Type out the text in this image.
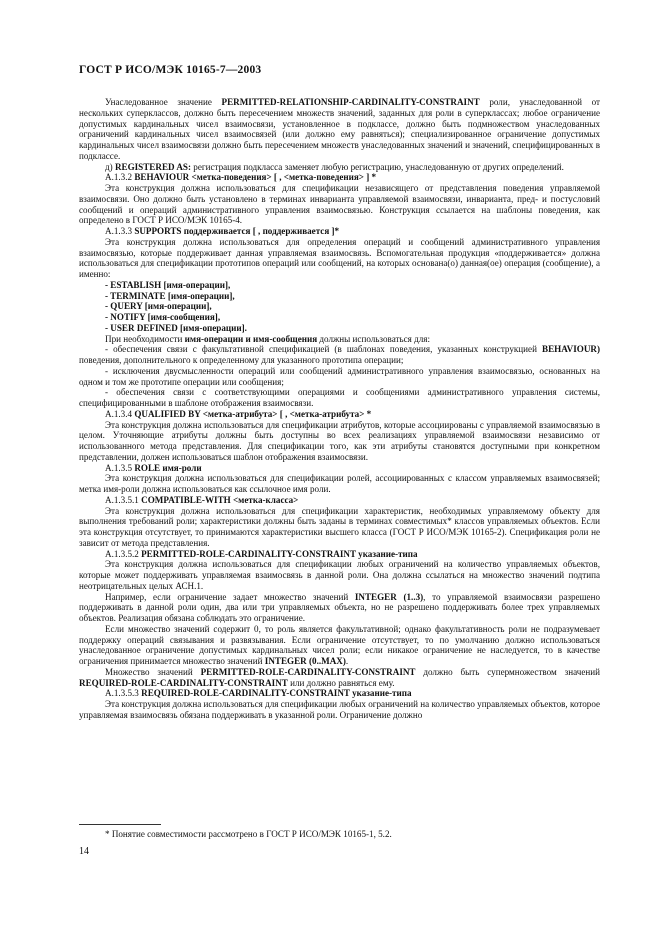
ГОСТ Р ИСО/МЭК 10165-7—2003

Унаследованное значение PERMITTED-RELATIONSHIP-CARDINALITY-CONSTRAINT роли, унаследованной от нескольких суперклассов, должно быть пересечением множеств значений, заданных для роли в суперклассах; любое ограничение допустимых кардинальных чисел взаимосвязи, установленное в подклассе, должно быть подмножеством унаследованных ограничений кардинальных чисел взаимосвязей (или должно ему равняться); специализированное ограничение допустимых кардинальных чисел взаимосвязи должно быть пересечением множеств унаследованных значений и значений, специфицированных в подклассе.

д) REGISTERED AS: регистрация подкласса заменяет любую регистрацию, унаследованную от других определений.

А.1.3.2 BEHAVIOUR <метка-поведения> [ , <метка-поведения> ] *

Эта конструкция должна использоваться для спецификации независящего от представления поведения управляемой взаимосвязи. Оно должно быть установлено в терминах инварианта управляемой взаимосвязи, инварианта, пред- и постусловий сообщений и операций административного управления взаимосвязью. Конструкция ссылается на шаблоны поведения, как определено в ГОСТ Р ИСО/МЭК 10165-4.

А.1.3.3 SUPPORTS поддерживается [ , поддерживается ]*

Эта конструкция должна использоваться для определения операций и сообщений административного управления взаимосвязью, которые поддерживает данная управляемая взаимосвязь. Вспомогательная продукция «поддерживается» должна использоваться для спецификации прототипов операций или сообщений, на которых основана(о) данная(ое) операция (сообщение), а именно:

- ESTABLISH [имя-операции],

- TERMINATE [имя-операции],

- QUERY [имя-операции],

- NOTIFY [имя-сообщения],

- USER DEFINED [имя-операции].

При необходимости имя-операции и имя-сообщения должны использоваться для:

- обеспечения связи с факультативной спецификацией (в шаблонах поведения, указанных конструкцией BEHAVIOUR) поведения, дополнительного к определенному для указанного прототипа операции;

- исключения двусмысленности операций или сообщений административного управления взаимосвязью, основанных на одном и том же прототипе операции или сообщения;

- обеспечения связи с соответствующими операциями и сообщениями административного управления системы, специфицированными в шаблоне отображения взаимосвязи.

А.1.3.4 QUALIFIED BY <метка-атрибута> [ , <метка-атрибута> *

Эта конструкция должна использоваться для спецификации атрибутов, которые ассоциированы с управляемой взаимосвязью в целом. Уточняющие атрибуты должны быть доступны во всех реализациях управляемой взаимосвязи независимо от использованного метода представления. Для спецификации того, как эти атрибуты становятся доступными при конкретном представлении, должен использоваться шаблон отображения взаимосвязи.

А.1.3.5 ROLE имя-роли

Эта конструкция должна использоваться для спецификации ролей, ассоциированных с классом управляемых взаимосвязей; метка имя-роли должна использоваться как ссылочное имя роли.

А.1.3.5.1 COMPATIBLE-WITH <метка-класса>

Эта конструкция должна использоваться для спецификации характеристик, необходимых управляемому объекту для выполнения требований роли; характеристики должны быть заданы в терминах совместимых* классов управляемых объектов. Если эта конструкция отсутствует, то принимаются характеристики высшего класса (ГОСТ Р ИСО/МЭК 10165-2). Спецификация роли не зависит от метода представления.

А.1.3.5.2 PERMITTED-ROLE-CARDINALITY-CONSTRAINT указание-типа

Эта конструкция должна использоваться для спецификации любых ограничений на количество управляемых объектов, которые может поддерживать управляемая взаимосвязь в данной роли. Она должна ссылаться на множество значений подтипа неотрицательных целых АСН.1.

Например, если ограничение задает множество значений INTEGER (1..3), то управляемой взаимосвязи разрешено поддерживать в данной роли один, два или три управляемых объекта, но не разрешено поддерживать более трех управляемых объектов. Реализация обязана соблюдать это ограничение.

Если множество значений содержит 0, то роль является факультативной; однако факультативность роли не подразумевает поддержку операций связывания и развязывания. Если ограничение отсутствует, то по умолчанию должно использоваться унаследованное ограничение допустимых кардинальных чисел роли; если никакое ограничение не наследуется, то в качестве ограничения принимается множество значений INTEGER (0..MAX).

Множество значений PERMITTED-ROLE-CARDINALITY-CONSTRAINT должно быть супермножеством значений REQUIRED-ROLE-CARDINALITY-CONSTRAINT или должно равняться ему.

А.1.3.5.3 REQUIRED-ROLE-CARDINALITY-CONSTRAINT указание-типа

Эта конструкция должна использоваться для спецификации любых ограничений на количество управляемых объектов, которое управляемая взаимосвязь обязана поддерживать в указанной роли. Ограничение должно

* Понятие совместимости рассмотрено в ГОСТ Р ИСО/МЭК 10165-1, 5.2.
14
